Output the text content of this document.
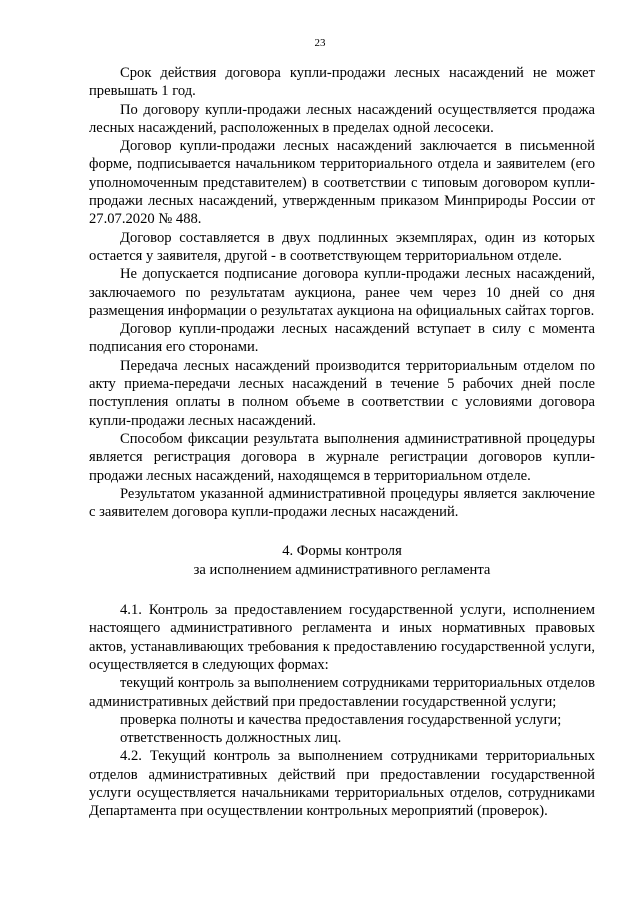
23

Срок действия договора купли-продажи лесных насаждений не может превышать 1 год.

По договору купли-продажи лесных насаждений осуществляется продажа лесных насаждений, расположенных в пределах одной лесосеки.

Договор купли-продажи лесных насаждений заключается в письменной форме, подписывается начальником территориального отдела и заявителем (его уполномоченным представителем) в соответствии с типовым договором купли-продажи лесных насаждений, утвержденным приказом Минприроды России от 27.07.2020 № 488.

Договор составляется в двух подлинных экземплярах, один из которых остается у заявителя, другой - в соответствующем территориальном отделе.

Не допускается подписание договора купли-продажи лесных насаждений, заключаемого по результатам аукциона, ранее чем через 10 дней со дня размещения информации о результатах аукциона на официальных сайтах торгов.

Договор купли-продажи лесных насаждений вступает в силу с момента подписания его сторонами.

Передача лесных насаждений производится территориальным отделом по акту приема-передачи лесных насаждений в течение 5 рабочих дней после поступления оплаты в полном объеме в соответствии с условиями договора купли-продажи лесных насаждений.

Способом фиксации результата выполнения административной процедуры является регистрация договора в журнале регистрации договоров купли-продажи лесных насаждений, находящемся в территориальном отделе.

Результатом указанной административной процедуры является заключение с заявителем договора купли-продажи лесных насаждений.

4. Формы контроля

за исполнением административного регламента

4.1. Контроль за предоставлением государственной услуги, исполнением настоящего административного регламента и иных нормативных правовых актов, устанавливающих требования к предоставлению государственной услуги, осуществляется в следующих формах:

текущий контроль за выполнением сотрудниками территориальных отделов административных действий при предоставлении государственной услуги;

проверка полноты и качества предоставления государственной услуги;

ответственность должностных лиц.

4.2. Текущий контроль за выполнением сотрудниками территориальных отделов административных действий при предоставлении государственной услуги осуществляется начальниками территориальных отделов, сотрудниками Департамента при осуществлении контрольных мероприятий (проверок).
